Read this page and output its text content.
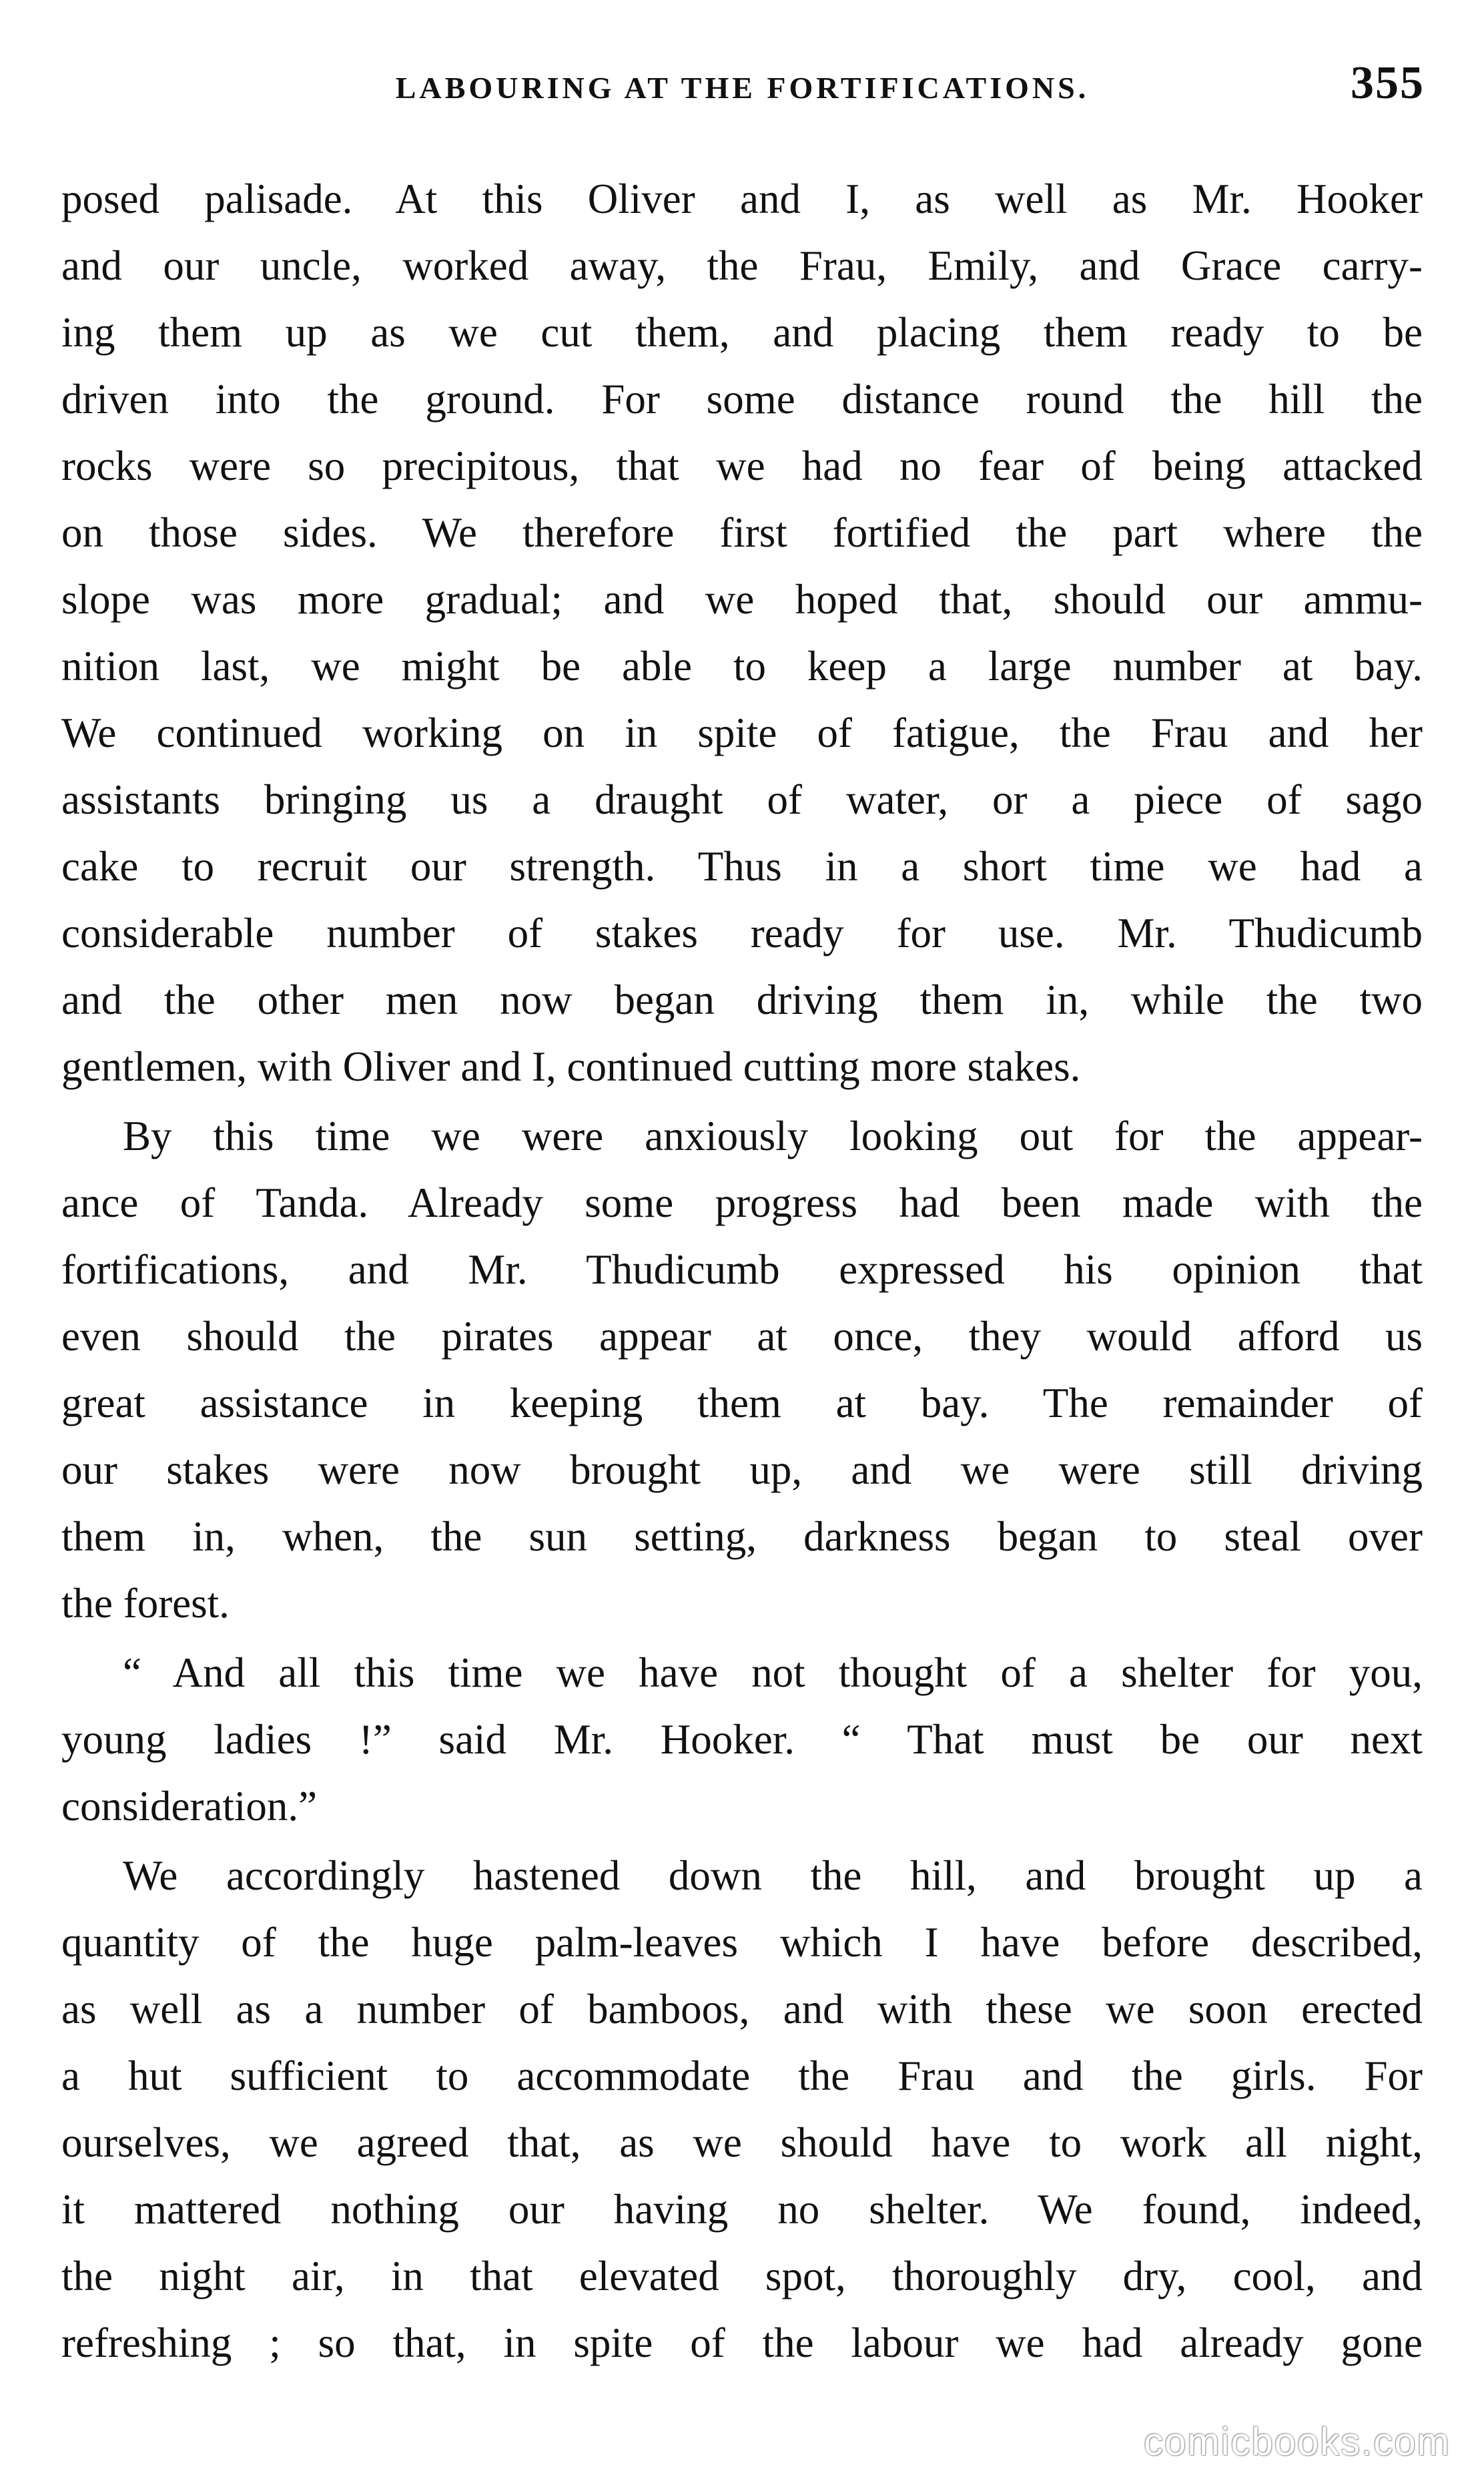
LABOURING AT THE FORTIFICATIONS.	355
posed palisade. At this Oliver and I, as well as Mr. Hooker
and our uncle, worked away, the Frau, Emily, and Grace carry-
ing them up as we cut them, and placing them ready to be
driven into the ground. For some distance round the hill the
rocks were so precipitous, that we had no fear of being attacked
on those sides. We therefore first fortified the part where the
slope was more gradual; and we hoped that, should our ammu-
nition last, we might be able to keep a large number at bay.
We continued working on in spite of fatigue, the Frau and her
assistants bringing us a draught of water, or a piece of sago
cake to recruit our strength. Thus in a short time we had a
considerable number of stakes ready for use. Mr. Thudicumb
and the other men now began driving them in, while the two
gentlemen, with Oliver and I, continued cutting more stakes.
By this time we were anxiously looking out for the appear-
ance of Tanda. Already some progress had been made with the
fortifications, and Mr. Thudicumb expressed his opinion that
even should the pirates appear at once, they would afford us
great assistance in keeping them at bay. The remainder of
our stakes were now brought up, and we were still driving
them in, when, the sun setting, darkness began to steal over
the forest.
“ And all this time we have not thought of a shelter for you,
young ladies !” said Mr. Hooker. “ That must be our next
consideration.”
We accordingly hastened down the hill, and brought up a
quantity of the huge palm-leaves which I have before described,
as well as a number of bamboos, and with these we soon erected
a hut sufficient to accommodate the Frau and the girls. For
ourselves, we agreed that, as we should have to work all night,
it mattered nothing our having no shelter. We found, indeed,
the night air, in that elevated spot, thoroughly dry, cool, and
refreshing ; so that, in spite of the labour we had already gone
comicbooks.com
